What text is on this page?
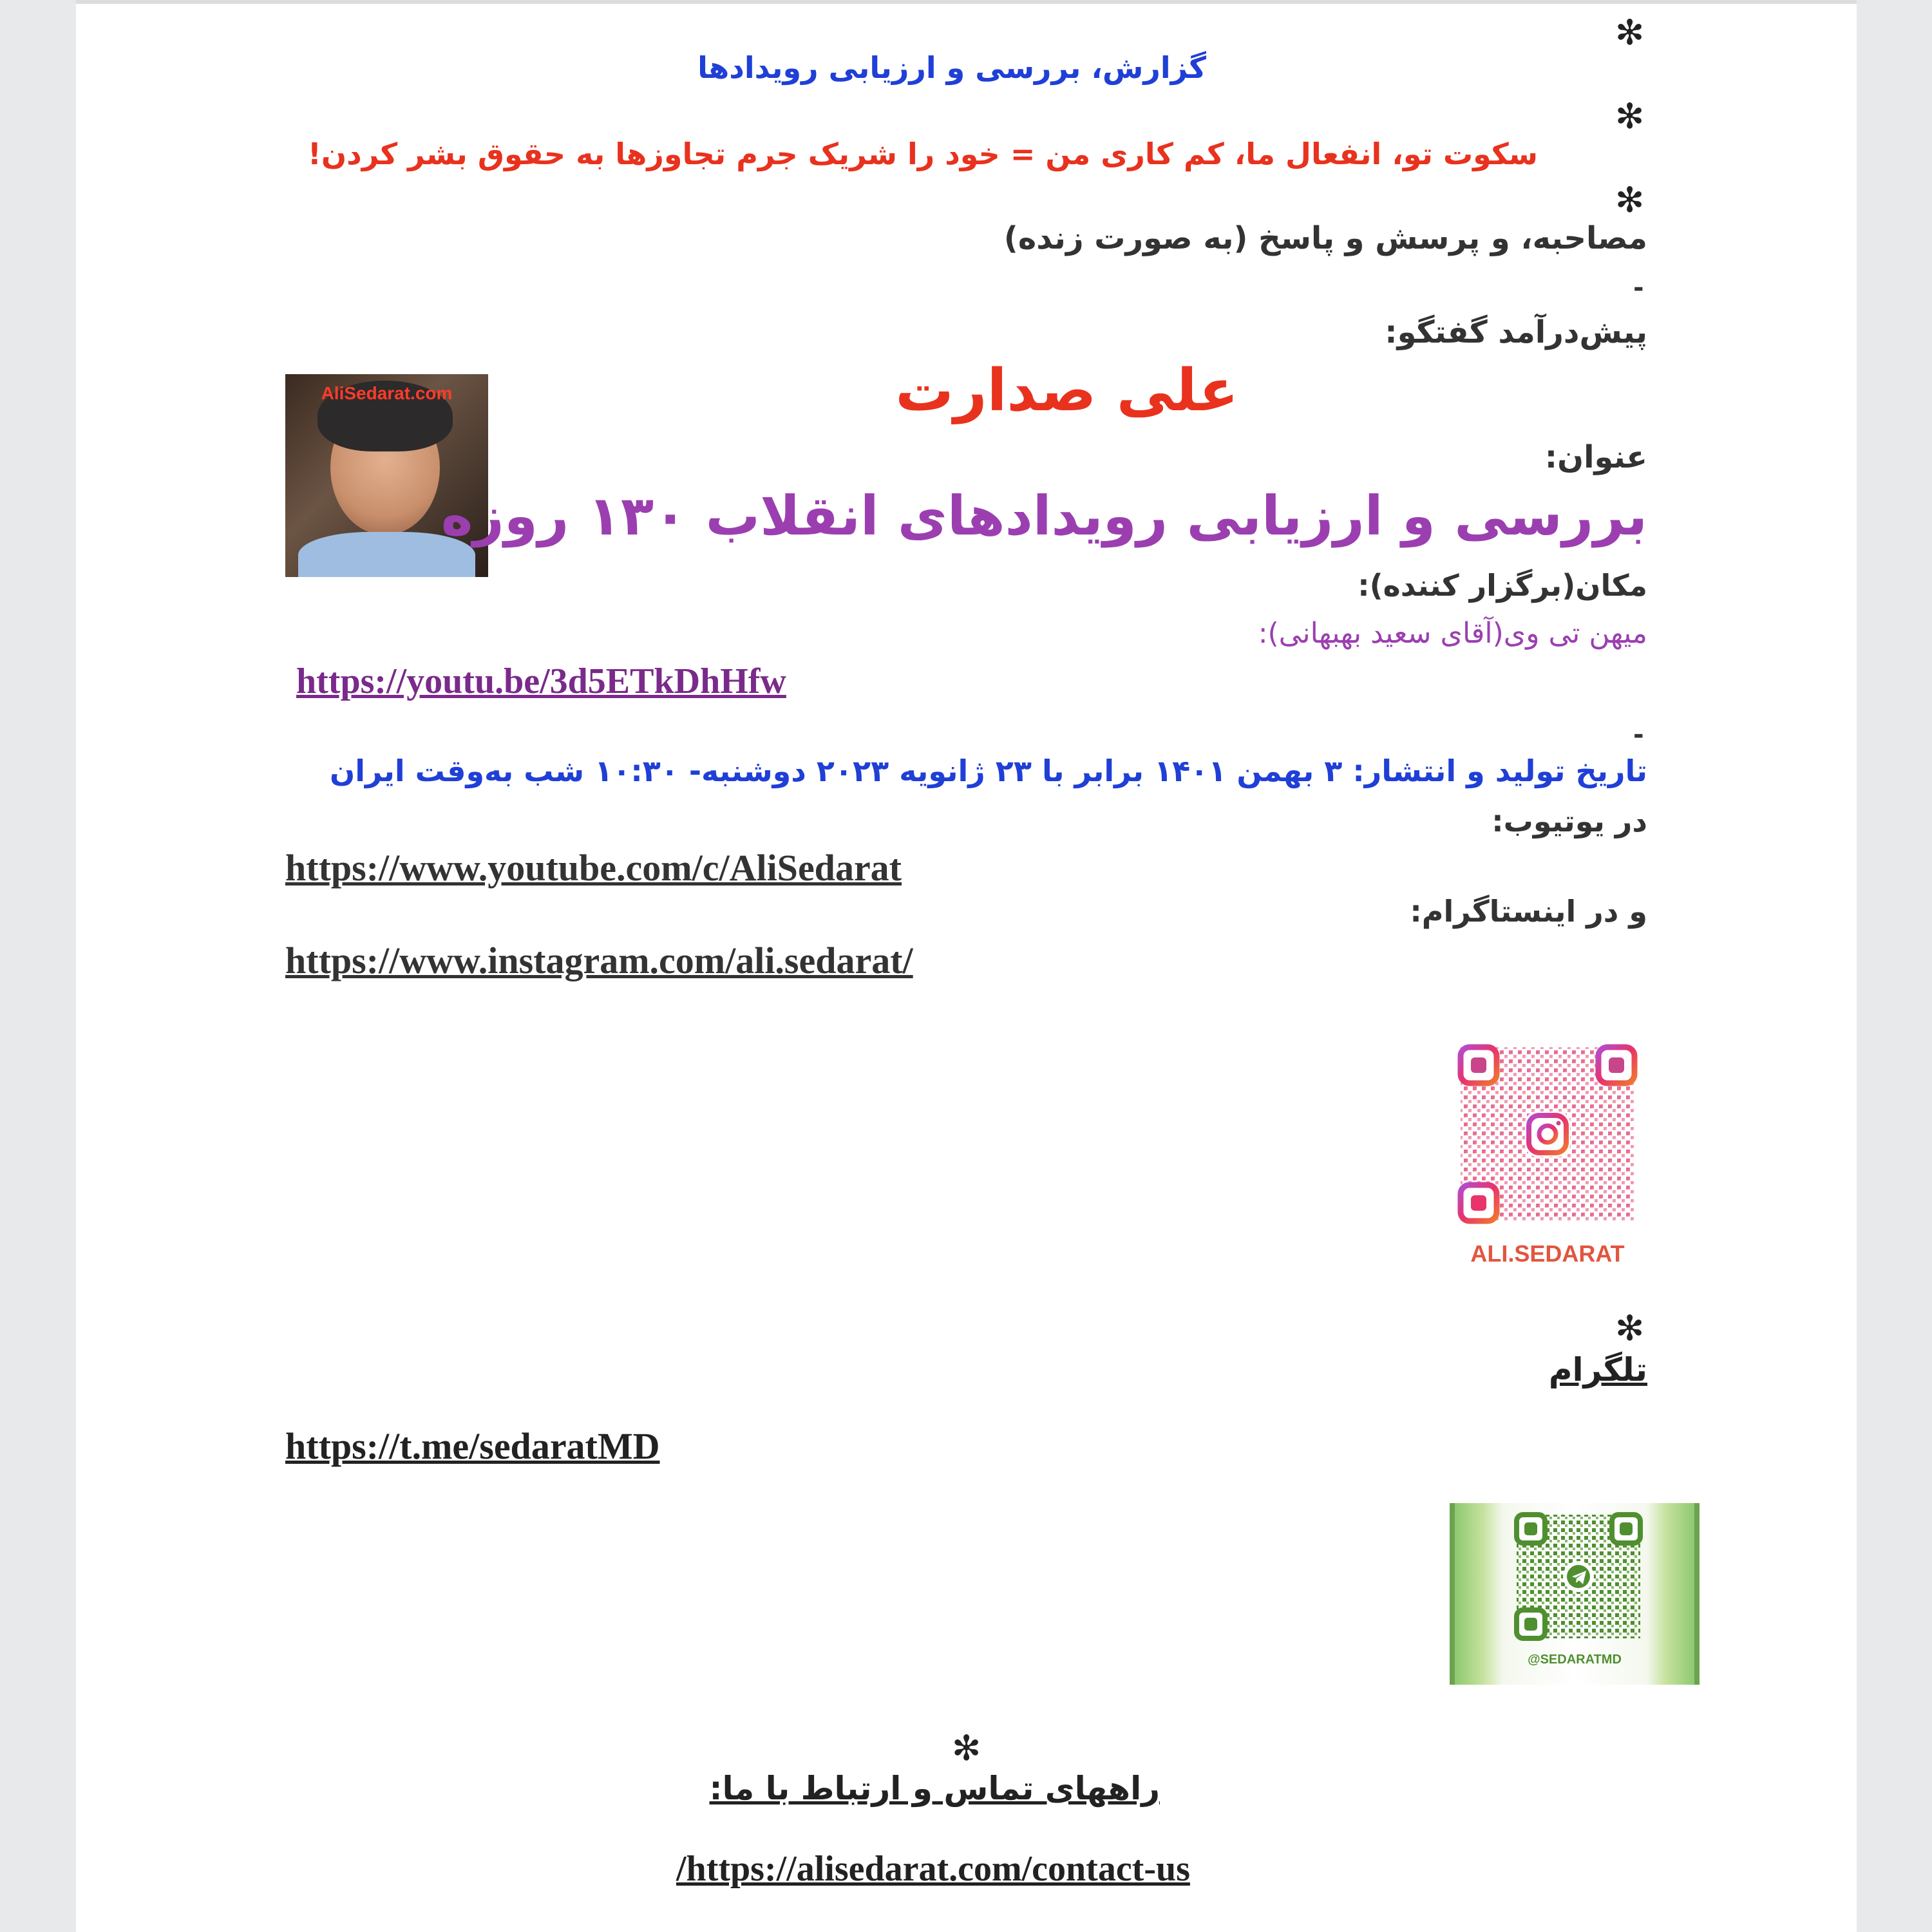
✻
گزارش، بررسی و ارزیابی رویدادها
✻
سکوت تو، انفعال ما، کم کاری من = خود را شریک جرم تجاوزها به حقوق بشر کردن!
✻
مصاحبه، و پرسش و پاسخ (به صورت زنده)
-
پیش‌درآمد گفتگو:
AliSedarat.com	علی صدارت
عنوان:
بررسی و ارزیابی رویدادهای انقلاب ۱۳۰ روزه
مکان(برگزار کننده):
میهن تی وی(آقای سعید بهبهانی):
https://youtu.be/3d5ETkDhHfw
-
تاریخ تولید و انتشار: ۳ بهمن ۱۴۰۱ برابر با ۲۳ ژانویه ۲۰۲۳ دوشنبه- ۱۰:۳۰ شب به‌وقت ایران
در یوتیوب:
https://www.youtube.com/c/AliSedarat
و در اینستاگرام:
https://www.instagram.com/ali.sedarat/
ALI.SEDARAT
✻
تلگرام
https://t.me/sedaratMD
@SEDARATMD
✻
راههای تماس و ارتباط با ما:
/https://alisedarat.com/contact-us
